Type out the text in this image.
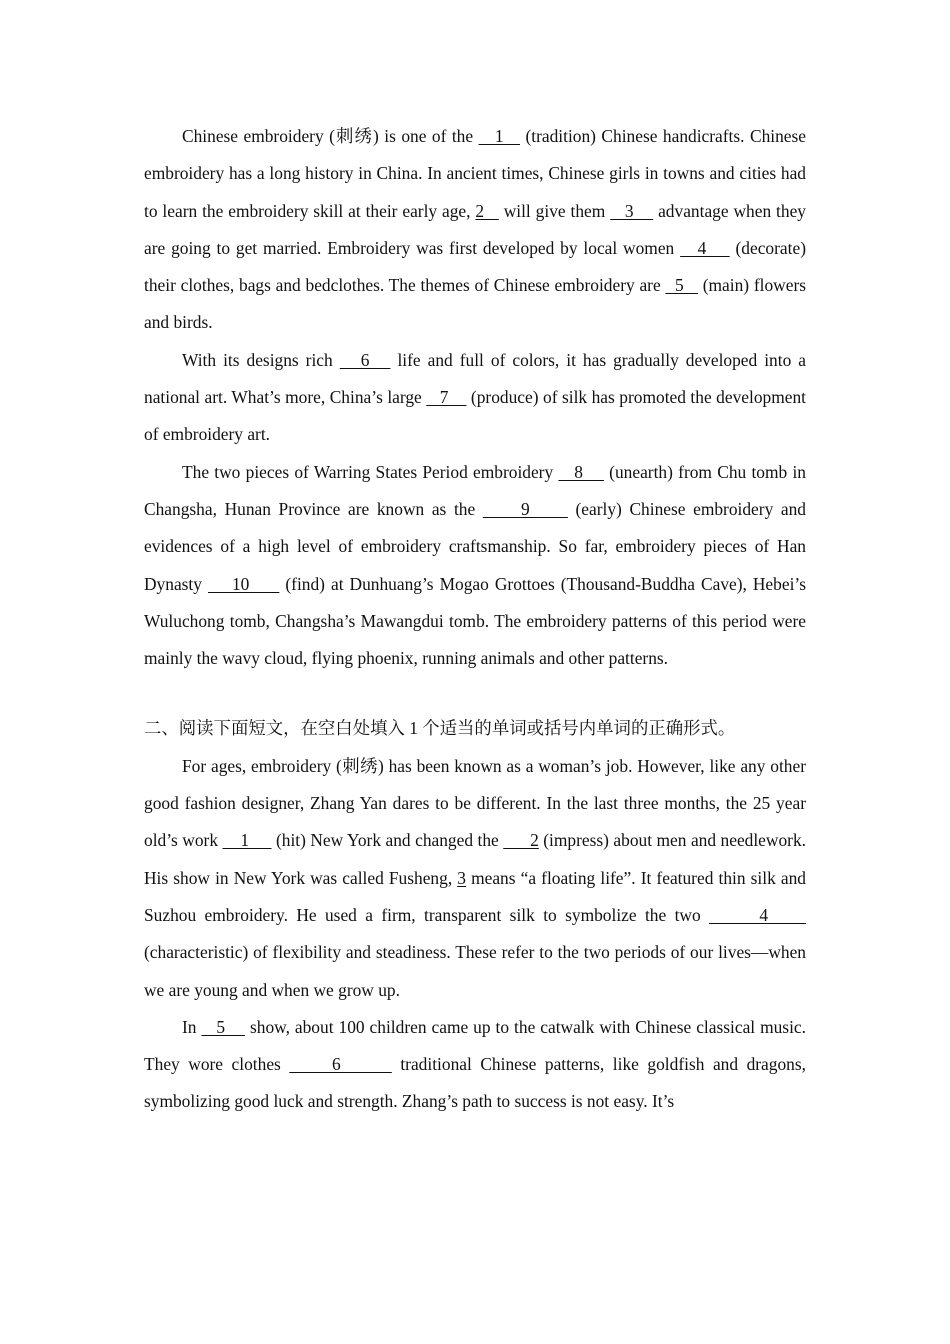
Chinese embroidery (刺绣) is one of the    1    (tradition) Chinese handicrafts. Chinese embroidery has a long history in China. In ancient times, Chinese girls in towns and cities had to learn the embroidery skill at their early age, 2    will give them    3     advantage when they are going to get married. Embroidery was first developed by local women    4     (decorate) their clothes, bags and bedclothes. The themes of Chinese embroidery are   5    (main) flowers and birds.

With its designs rich    6    life and full of colors, it has gradually developed into a national art. What’s more, China’s large    7     (produce) of silk has promoted the development of embroidery art.

The two pieces of Warring States Period embroidery    8     (unearth) from Chu tomb in Changsha, Hunan Province are known as the      9      (early) Chinese embroidery and evidences of a high level of embroidery craftsmanship. So far, embroidery pieces of Han Dynasty     10      (find) at Dunhuang’s Mogao Grottoes (Thousand-Buddha Cave), Hebei’s Wuluchong tomb, Changsha’s Mawangdui tomb. The embroidery patterns of this period were mainly the wavy cloud, flying phoenix, running animals and other patterns.

二、阅读下面短文，在空白处填入 1 个适当的单词或括号内单词的正确形式。

For ages, embroidery (刺绣) has been known as a woman’s job. However, like any other good fashion designer, Zhang Yan dares to be different. In the last three months, the 25 year old’s work     1      (hit) New York and changed the       2 (impress) about men and needlework. His show in New York was called Fusheng, 3 means “a floating life”. It featured thin silk and Suzhou embroidery. He used a firm, transparent silk to symbolize the two       4      (characteristic) of flexibility and steadiness. These refer to the two periods of our lives—when we are young and when we grow up.

In    5     show, about 100 children came up to the catwalk with Chinese classical music. They wore clothes      6       traditional Chinese patterns, like goldfish and dragons, symbolizing good luck and strength. Zhang’s path to success is not easy. It’s
